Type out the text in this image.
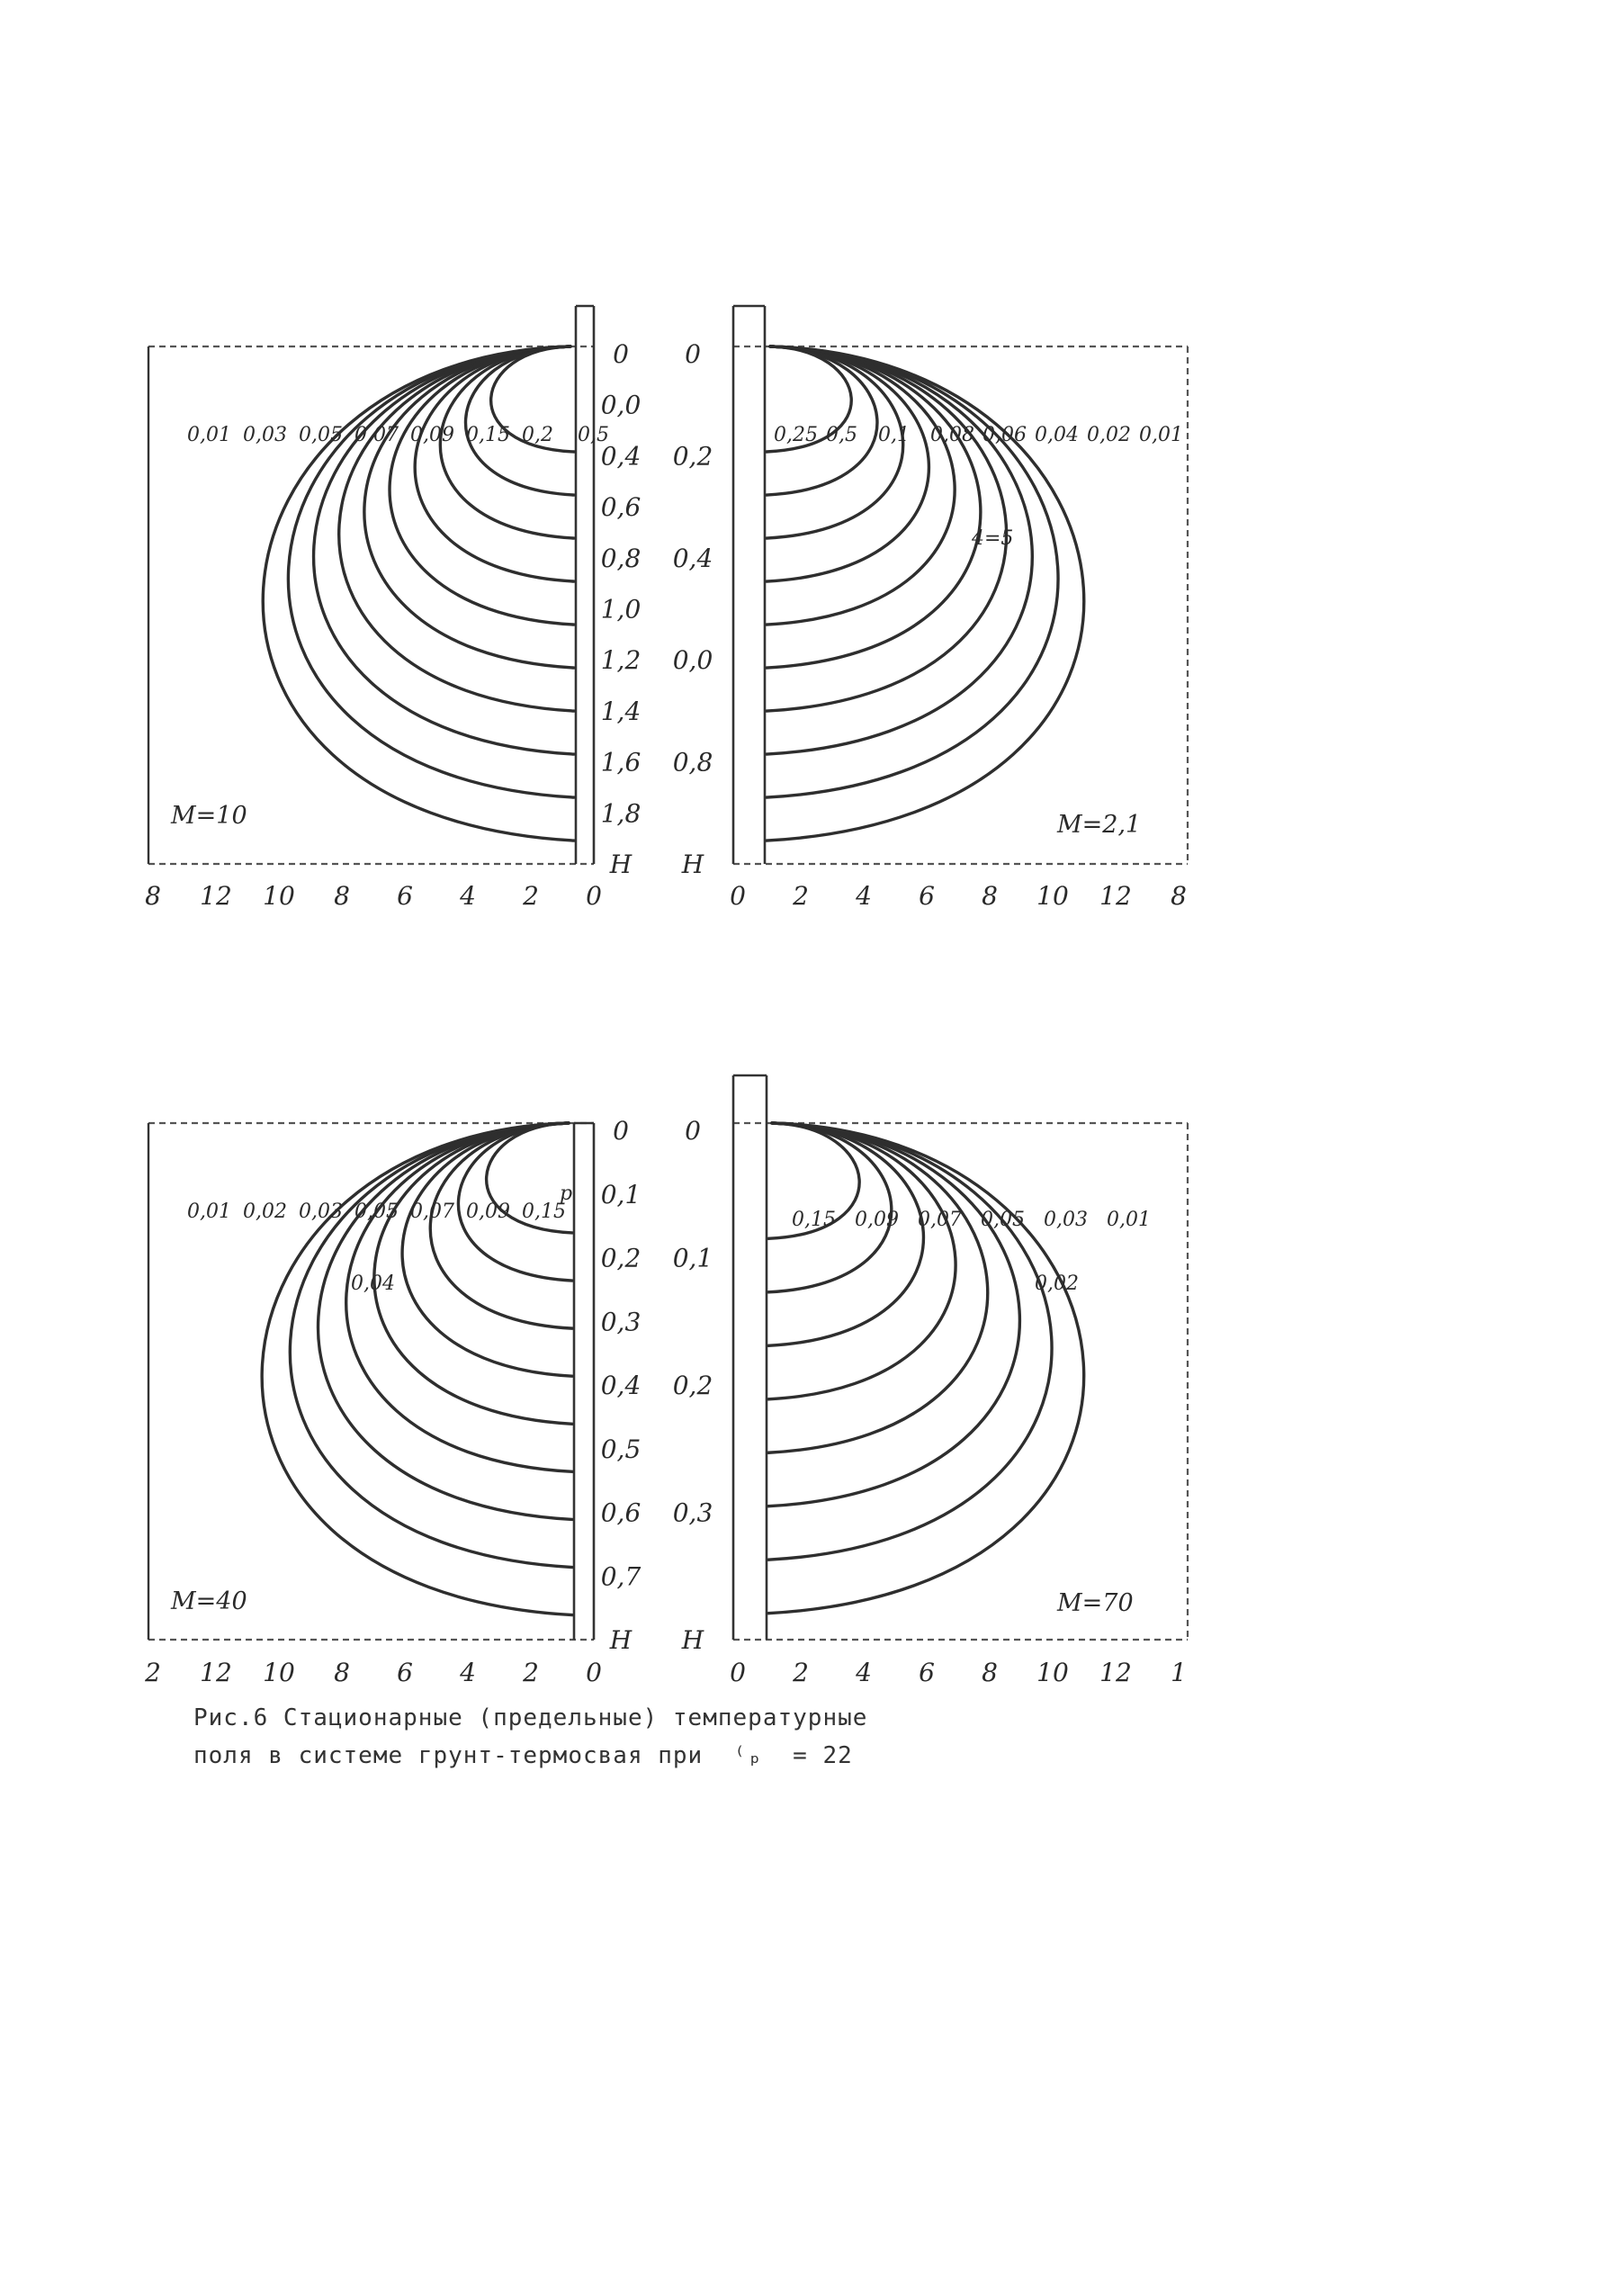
0,01 0,03 0,05 0,07 0,09 0,15 0,2 0,5
0
0,0
0,4
0,6
0,8
1,0
1,2
1,4
1,6
1,8
H
8 12 10 8 6 4 2 0
M=10
0,25 0,5 0,1 0,08 0,06 0,04 0,02 0,01
0
0,2
0,4
0,0
0,8
H
0 2 4 6 8 10 12 8
M=2,1
4=5
0,01 0,02 0,03 0,05 0,07 0,09 0,15
0
0,1
0,2
0,3
0,4
0,5
0,6
0,7
H
2 12 10 8 6 4 2 0
M=40
0,04
p
0,15 0,09 0,07 0,05 0,03 0,01
0
0,1
0,2
0,3
H
0 2 4 6 8 10 12 1
M=70
0,02
Рис.6 Стационарные (предельные) температурные
поля в системе грунт-термосвая при  ⁽ₚ  = 22
